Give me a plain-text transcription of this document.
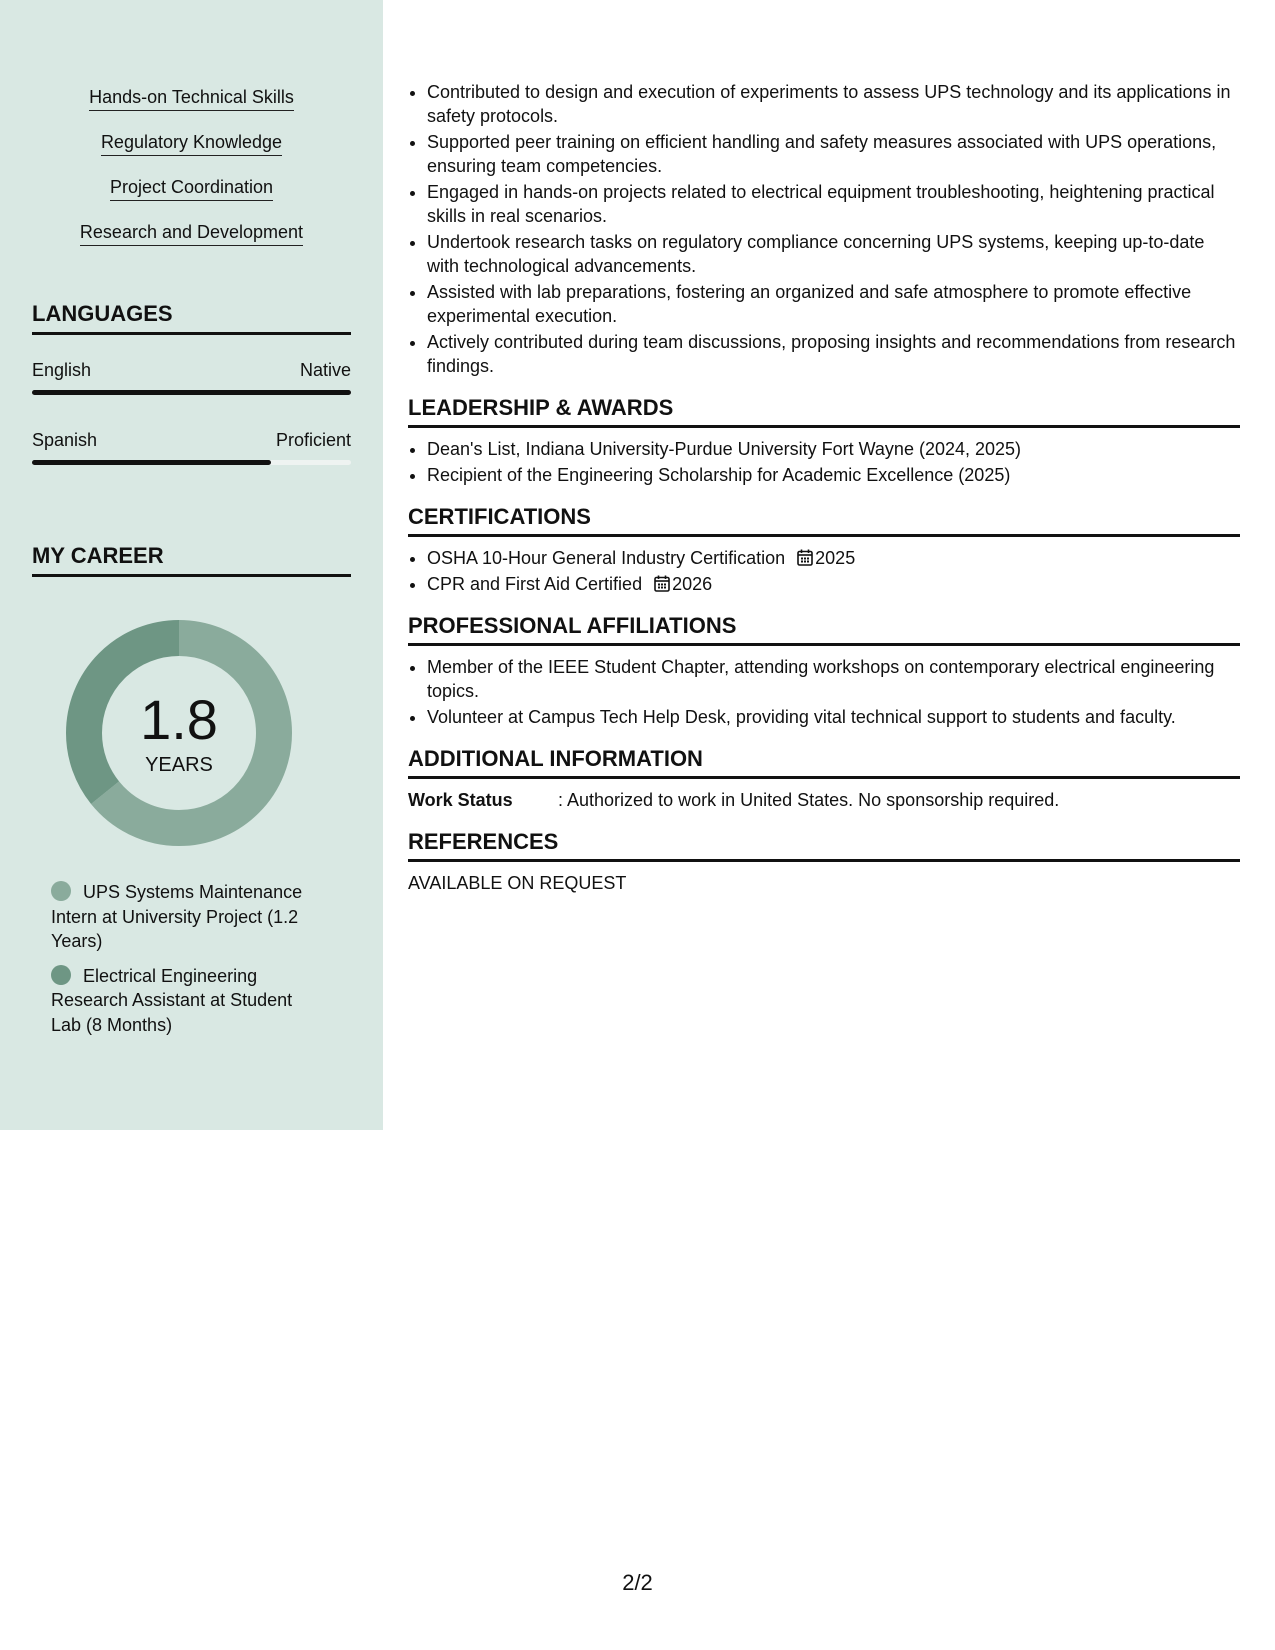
Hands-on Technical Skills
Regulatory Knowledge
Project Coordination
Research and Development
LANGUAGES
English	Native
Spanish	Proficient
MY CAREER
1.8
YEARS
UPS Systems Maintenance Intern at University Project (1.2 Years)
Electrical Engineering Research Assistant at Student Lab (8 Months)
• Contributed to design and execution of experiments to assess UPS technology and its applications in safety protocols.
• Supported peer training on efficient handling and safety measures associated with UPS operations, ensuring team competencies.
• Engaged in hands-on projects related to electrical equipment troubleshooting, heightening practical skills in real scenarios.
• Undertook research tasks on regulatory compliance concerning UPS systems, keeping up-to-date with technological advancements.
• Assisted with lab preparations, fostering an organized and safe atmosphere to promote effective experimental execution.
• Actively contributed during team discussions, proposing insights and recommendations from research findings.
LEADERSHIP & AWARDS
• Dean's List, Indiana University-Purdue University Fort Wayne (2024, 2025)
• Recipient of the Engineering Scholarship for Academic Excellence (2025)
CERTIFICATIONS
• OSHA 10-Hour General Industry Certification 2025
• CPR and First Aid Certified 2026
PROFESSIONAL AFFILIATIONS
• Member of the IEEE Student Chapter, attending workshops on contemporary electrical engineering topics.
• Volunteer at Campus Tech Help Desk, providing vital technical support to students and faculty.
ADDITIONAL INFORMATION
Work Status	: Authorized to work in United States. No sponsorship required.
REFERENCES
AVAILABLE ON REQUEST
2/2
